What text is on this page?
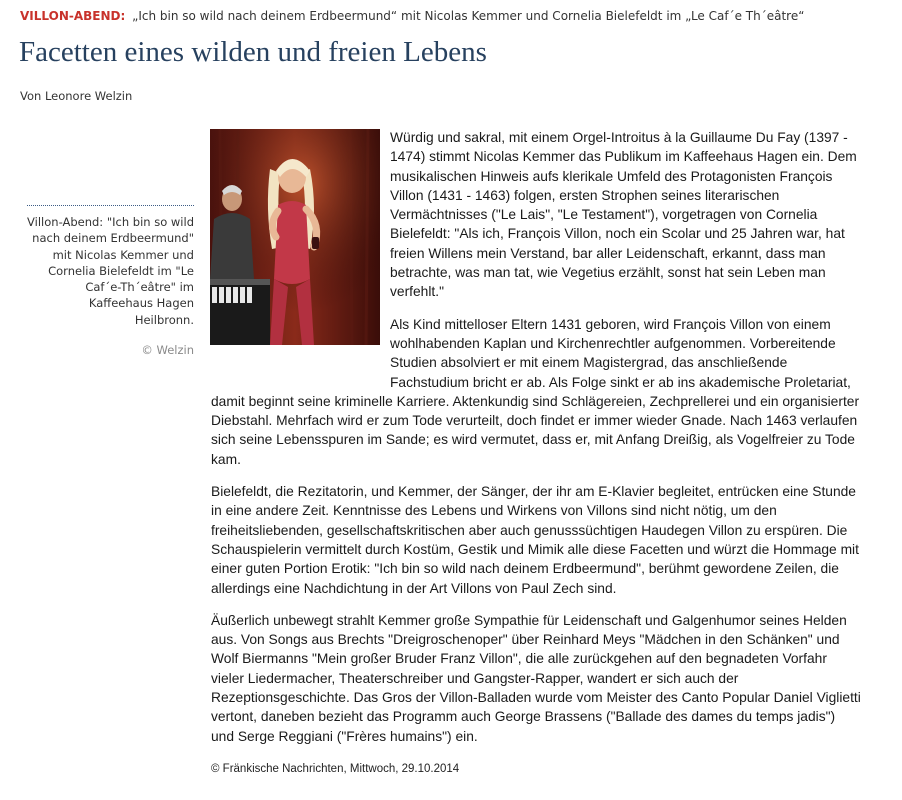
VILLON-ABEND: „Ich bin so wild nach deinem Erdbeermund“ mit Nicolas Kemmer und Cornelia Bielefeldt im „Le Caf´e Th´eâtre“
Facetten eines wilden und freien Lebens
Von Leonore Welzin
Villon-Abend: "Ich bin so wild nach deinem Erdbeermund" mit Nicolas Kemmer und Cornelia Bielefeldt im "Le Caf´e-Th´eâtre" im Kaffeehaus Hagen Heilbronn.
© Welzin

Würdig und sakral, mit einem Orgel-Introitus à la Guillaume Du Fay (1397 - 1474) stimmt Nicolas Kemmer das Publikum im Kaffeehaus Hagen ein. Dem musikalischen Hinweis aufs klerikale Umfeld des Protagonisten François Villon (1431 - 1463) folgen, ersten Strophen seines literarischen Vermächtnisses ("Le Lais", "Le Testament"), vorgetragen von Cornelia Bielefeldt: "Als ich, François Villon, noch ein Scolar und 25 Jahren war, hat freien Willens mein Verstand, bar aller Leidenschaft, erkannt, dass man betrachte, was man tat, wie Vegetius erzählt, sonst hat sein Leben man verfehlt."

Als Kind mittelloser Eltern 1431 geboren, wird François Villon von einem wohlhabenden Kaplan und Kirchenrechtler aufgenommen. Vorbereitende Studien absolviert er mit einem Magistergrad, das anschließende Fachstudium bricht er ab. Als Folge sinkt er ab ins akademische Proletariat, damit beginnt seine kriminelle Karriere. Aktenkundig sind Schlägereien, Zechprellerei und ein organisierter Diebstahl. Mehrfach wird er zum Tode verurteilt, doch findet er immer wieder Gnade. Nach 1463 verlaufen sich seine Lebensspuren im Sande; es wird vermutet, dass er, mit Anfang Dreißig, als Vogelfreier zu Tode kam.

Bielefeldt, die Rezitatorin, und Kemmer, der Sänger, der ihr am E-Klavier begleitet, entrücken eine Stunde in eine andere Zeit. Kenntnisse des Lebens und Wirkens von Villons sind nicht nötig, um den freiheitsliebenden, gesellschaftskritischen aber auch genusssüchtigen Haudegen Villon zu erspüren. Die Schauspielerin vermittelt durch Kostüm, Gestik und Mimik alle diese Facetten und würzt die Hommage mit einer guten Portion Erotik: "Ich bin so wild nach deinem Erdbeermund", berühmt gewordene Zeilen, die allerdings eine Nachdichtung in der Art Villons von Paul Zech sind.

Äußerlich unbewegt strahlt Kemmer große Sympathie für Leidenschaft und Galgenhumor seines Helden aus. Von Songs aus Brechts "Dreigroschenoper" über Reinhard Meys "Mädchen in den Schänken" und Wolf Biermanns "Mein großer Bruder Franz Villon", die alle zurückgehen auf den begnadeten Vorfahr vieler Liedermacher, Theaterschreiber und Gangster-Rapper, wandert er sich auch der Rezeptionsgeschichte. Das Gros der Villon-Balladen wurde vom Meister des Canto Popular Daniel Viglietti vertont, daneben bezieht das Programm auch George Brassens ("Ballade des dames du temps jadis") und Serge Reggiani ("Frères humains") ein.

© Fränkische Nachrichten, Mittwoch, 29.10.2014
